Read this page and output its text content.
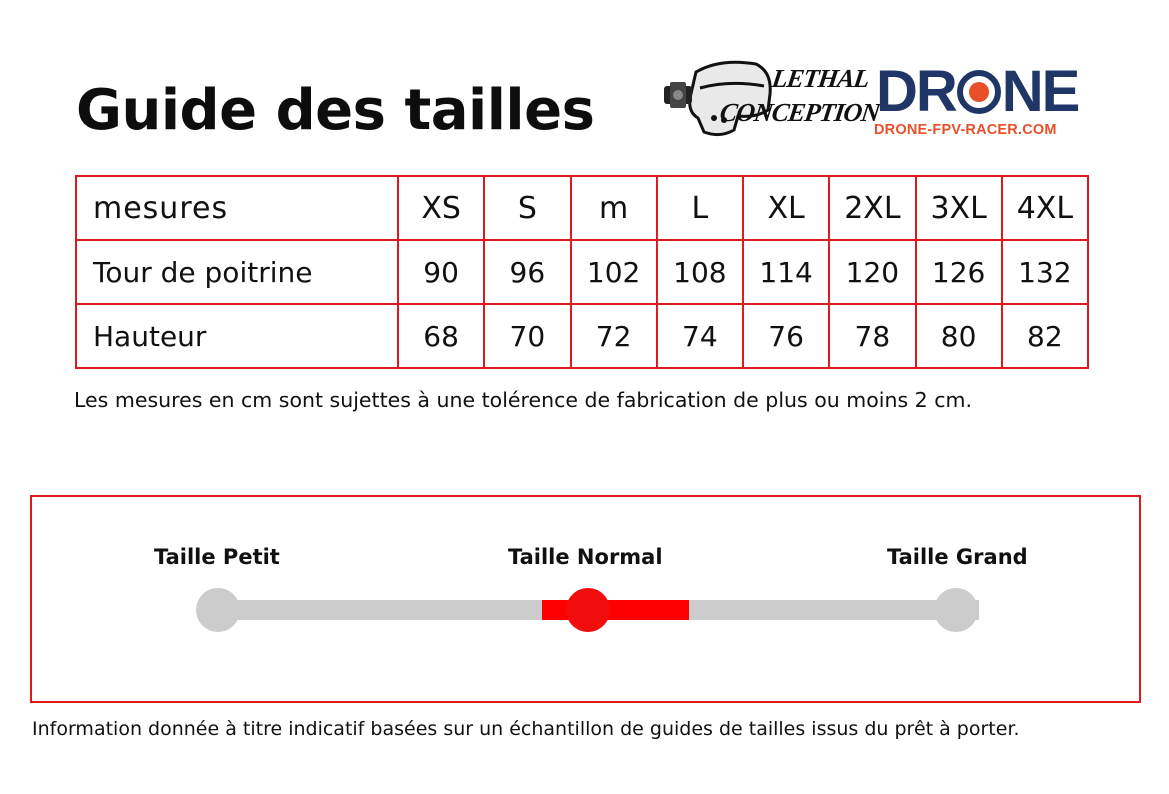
Guide des tailles	LETHAL
CONCEPTION
DR NE
DRONE-FPV-RACER.COM
mesures	XS	S	m	L	XL	2XL	3XL	4XL
Tour de poitrine	90	96	102	108	114	120	126	132
Hauteur	68	70	72	74	76	78	80	82
Les mesures en cm sont sujettes à une tolérence de fabrication de plus ou moins 2 cm.
Taille Petit	Taille Normal	Taille Grand
Information donnée à titre indicatif basées sur un échantillon de guides de tailles issus du prêt à porter.
